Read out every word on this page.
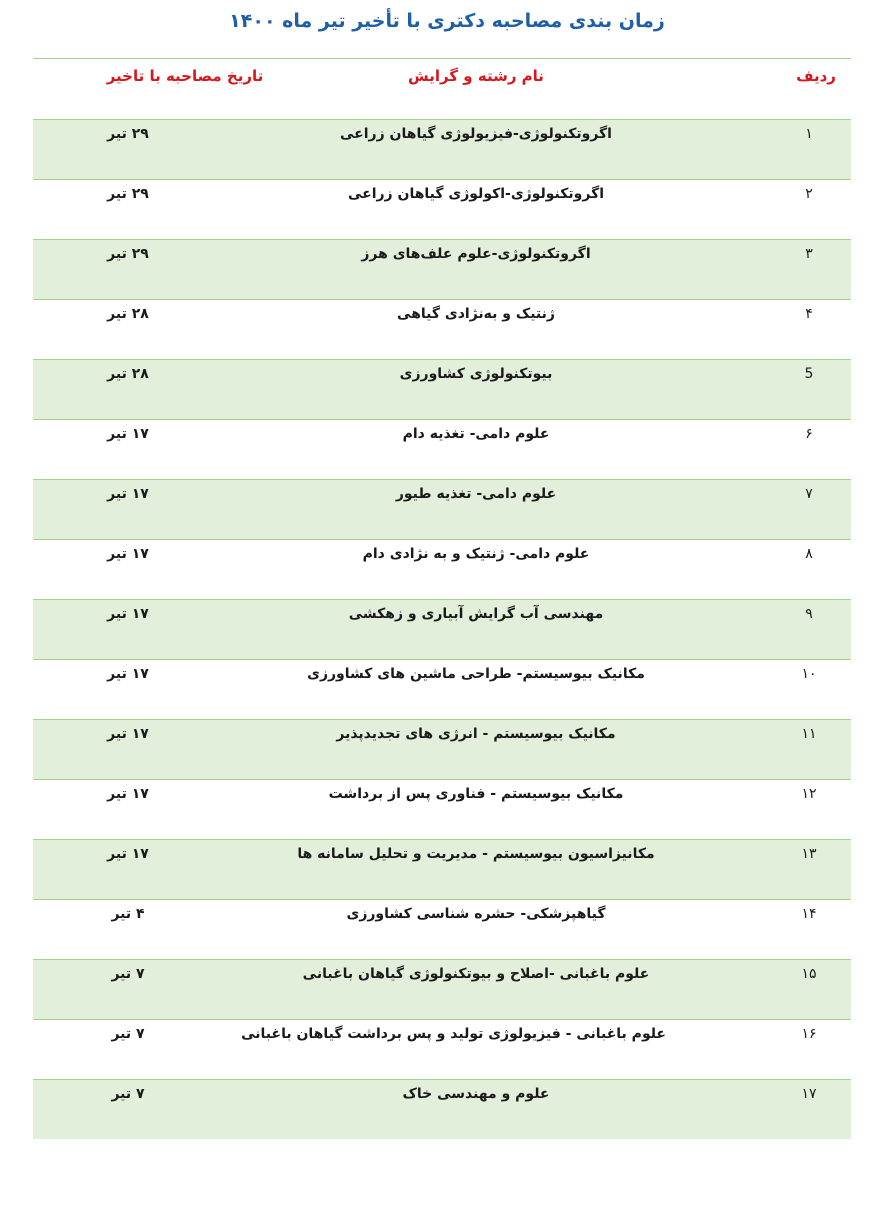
زمان بندی مصاحبه دکتری با تأخیر تیر ماه ۱۴۰۰
ردیف
نام رشته و گرایش
تاریخ مصاحبه با تاخیر
۱
اگروتکنولوژی-فیزیولوژی گیاهان زراعی
۲۹ تیر
۲
اگروتکنولوژی-اکولوژی گیاهان زراعی
۲۹ تیر
۳
اگروتکنولوژی-علوم علف‌های هرز
۲۹ تیر
۴
ژنتیک و به‌نژادی گیاهی
۲۸ تیر
5
بیوتکنولوژی کشاورزی
۲۸ تیر
۶
علوم دامی- تغذیه دام
۱۷ تیر
۷
علوم دامی- تغذیه طیور
۱۷ تیر
۸
علوم دامی- ژنتیک و به نژادی دام
۱۷ تیر
۹
مهندسی آب گرایش آبیاری و زهکشی
۱۷ تیر
۱۰
مکانیک بیوسیستم- طراحی ماشین های کشاورزی
۱۷ تیر
۱۱
مکانیک بیوسیستم - انرژی های تجدیدپذیر
۱۷ تیر
۱۲
مکانیک بیوسیستم - فناوری پس از برداشت
۱۷ تیر
۱۳
مکانیزاسیون بیوسیستم - مدیریت و تحلیل سامانه ها
۱۷ تیر
۱۴
گیاهپزشکی- حشره شناسی کشاورزی
۴ تیر
۱۵
علوم باغبانی -اصلاح و بیوتکنولوژی گیاهان باغبانی
۷ تیر
۱۶
علوم باغبانی - فیزیولوژی تولید و پس برداشت گیاهان باغبانی
۷ تیر
۱۷
علوم و مهندسی خاک
۷ تیر
